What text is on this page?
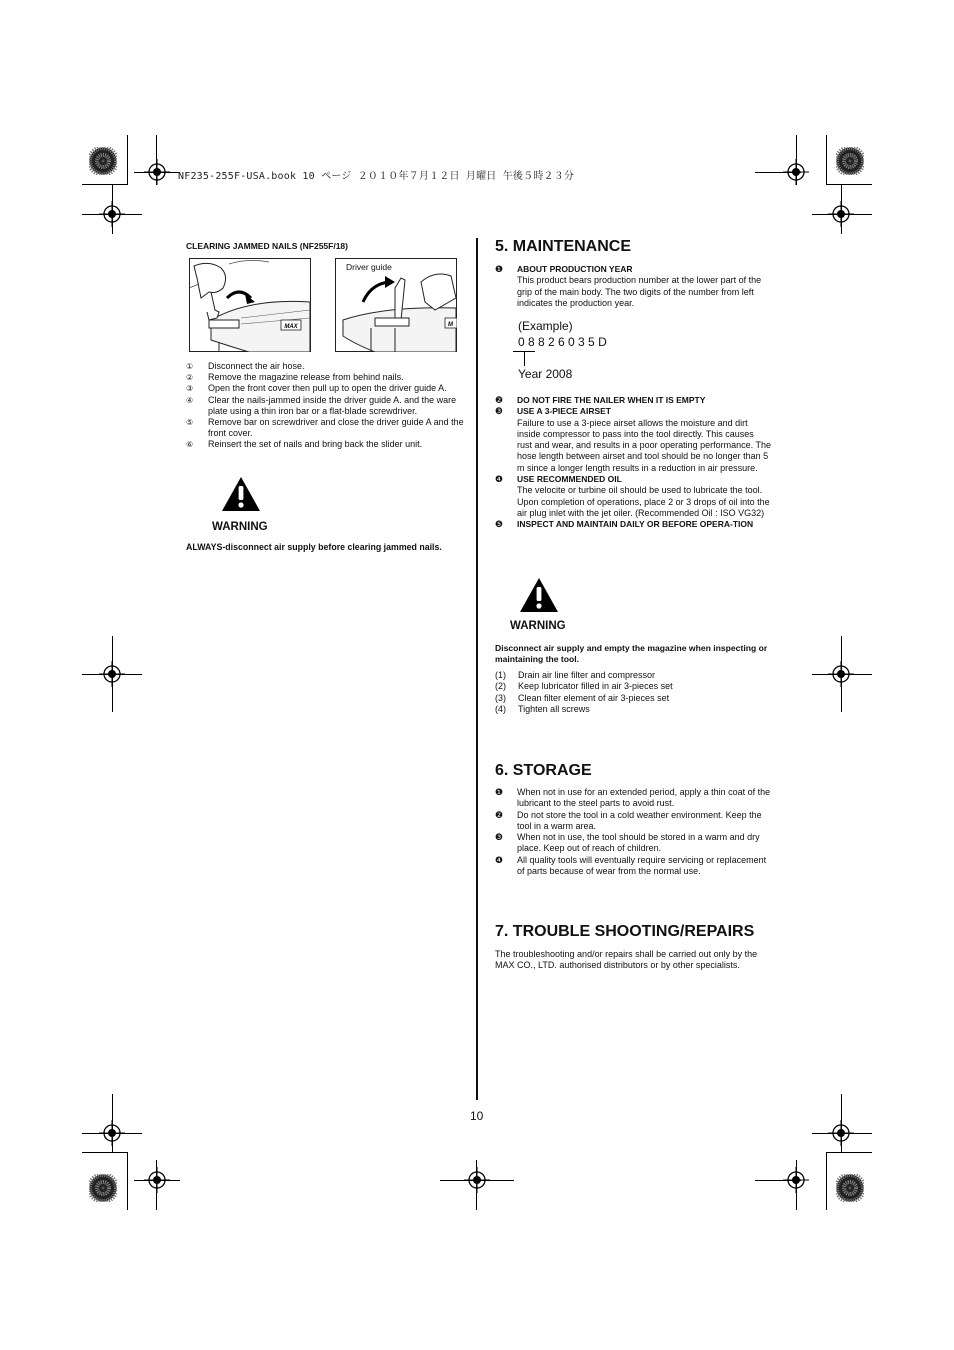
NF235-255F-USA.book 10 ページ ２０１０年７月１２日 月曜日 午後５時２３分
CLEARING JAMMED NAILS (NF255F/18)
MAX
Driver guide
M
①	Disconnect the air hose.
②	Remove the magazine release from behind nails.
③	Open the front cover then pull up to open the driver guide A.
④	Clear the nails-jammed inside the driver guide A. and the ware plate using a thin iron bar or a flat-blade screwdriver.
⑤	Remove bar on screwdriver and close the driver guide A and the front cover.
⑥	Reinsert the set of nails and bring back the slider unit.
WARNING
ALWAYS-disconnect air supply before clearing jammed nails.
5. MAINTENANCE
❶	ABOUT PRODUCTION YEAR
This product bears production number at the lower part of the grip of the main body. The two digits of the number from left indicates the production year.
(Example)
0 8 8 2 6 0 3 5 D
Year 2008
❷	DO NOT FIRE THE NAILER WHEN IT IS EMPTY
❸	USE A 3-PIECE AIRSET
Failure to use a 3-piece airset allows the moisture and dirt inside compressor to pass into the tool directly. This causes rust and wear, and results in a poor operating performance. The hose length between airset and tool should be no longer than 5 m since a longer length results in a reduction in air pressure.
❹	USE RECOMMENDED OIL
The velocite or turbine oil should be used to lubricate the tool. Upon completion of operations, place 2 or 3 drops of oil into the air plug inlet with the jet oiler. (Recommended Oil : ISO VG32)
❺	INSPECT AND MAINTAIN DAILY OR BEFORE OPERA-TION
WARNING
Disconnect air supply and empty the magazine when inspecting or maintaining the tool.
(1)	Drain air line filter and compressor
(2)	Keep lubricator filled in air 3-pieces set
(3)	Clean filter element of air 3-pieces set
(4)	Tighten all screws
6. STORAGE
❶	When not in use for an extended period, apply a thin coat of the lubricant to the steel parts to avoid rust.
❷	Do not store the tool in a cold weather environment. Keep the tool in a warm area.
❸	When not in use, the tool should be stored in a warm and dry place. Keep out of reach of children.
❹	All quality tools will eventually require servicing or replacement of parts because of wear from the normal use.
7. TROUBLE SHOOTING/REPAIRS
The troubleshooting and/or repairs shall be carried out only by the MAX CO., LTD. authorised distributors or by other specialists.
10
